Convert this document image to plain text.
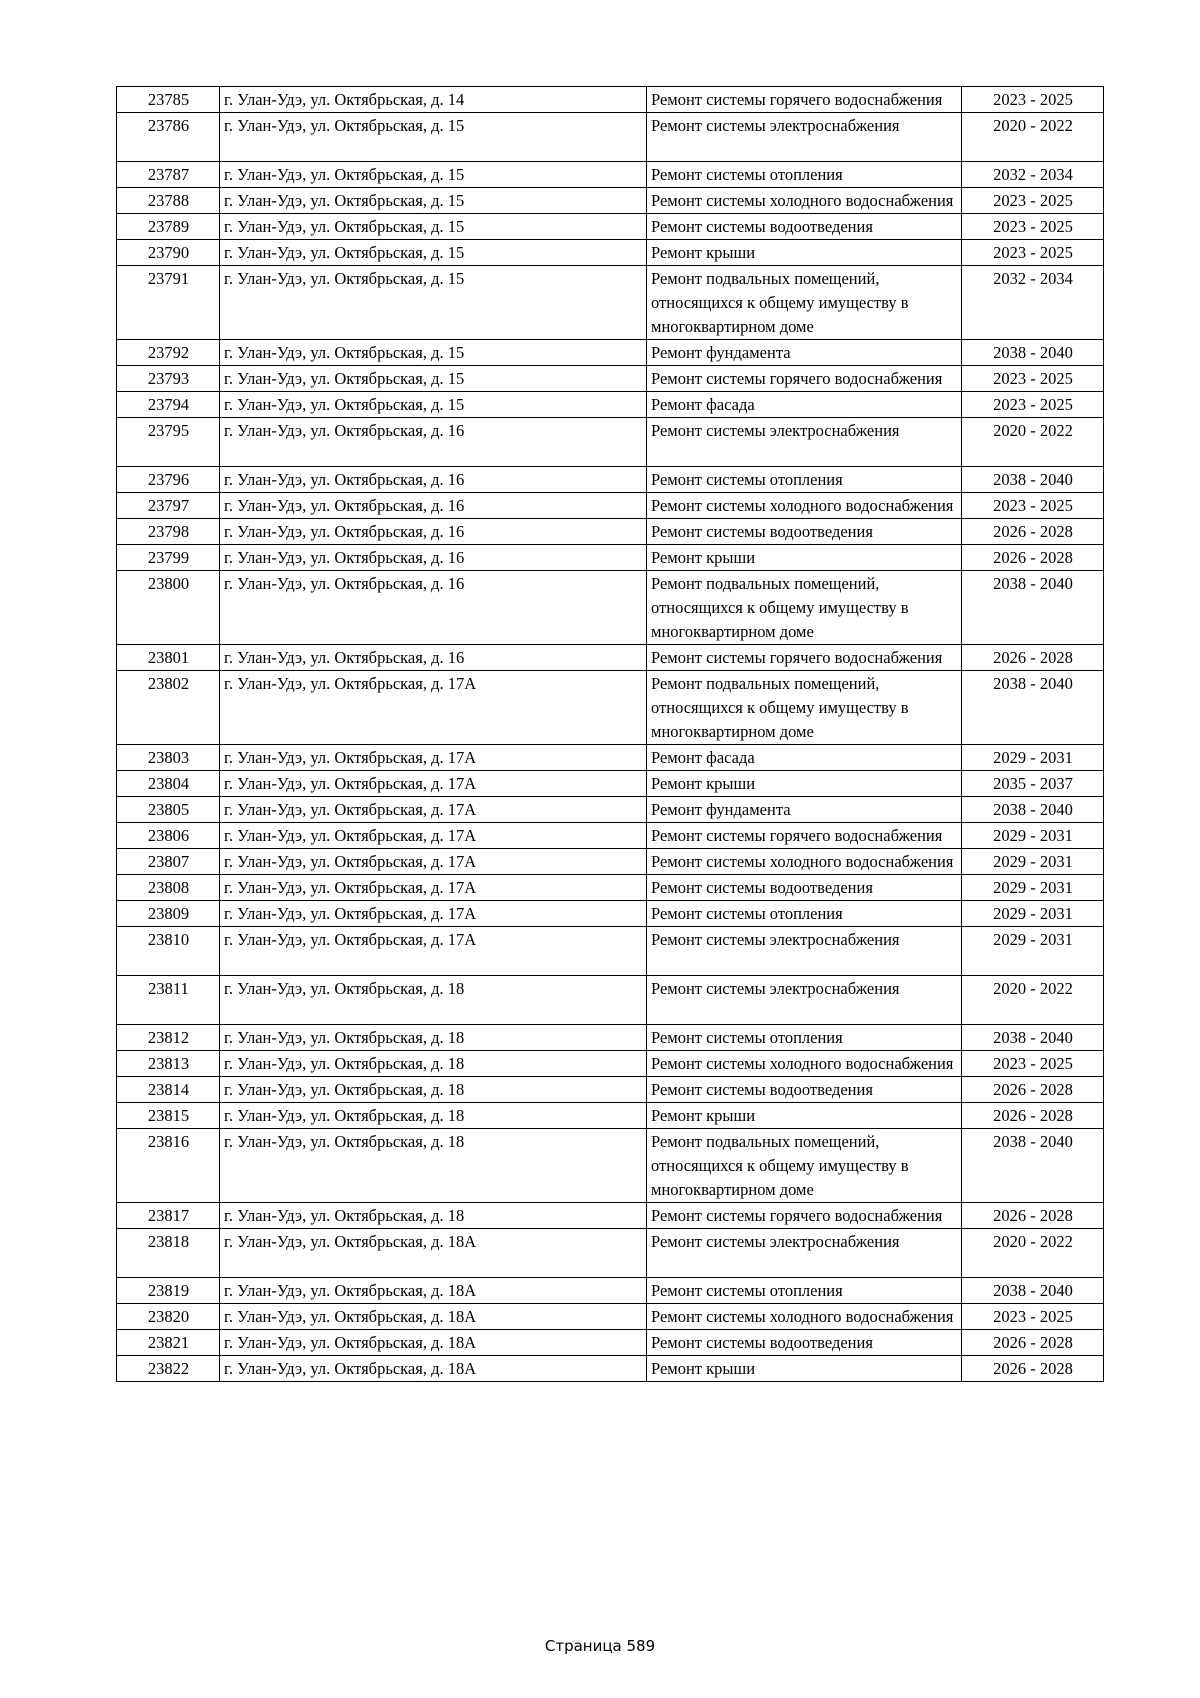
23785	г. Улан-Удэ, ул. Октябрьская, д. 14	Ремонт системы горячего водоснабжения	2023 - 2025
23786	г. Улан-Удэ, ул. Октябрьская, д. 15	Ремонт системы электроснабжения	2020 - 2022
23787	г. Улан-Удэ, ул. Октябрьская, д. 15	Ремонт системы отопления	2032 - 2034
23788	г. Улан-Удэ, ул. Октябрьская, д. 15	Ремонт системы холодного водоснабжения	2023 - 2025
23789	г. Улан-Удэ, ул. Октябрьская, д. 15	Ремонт системы водоотведения	2023 - 2025
23790	г. Улан-Удэ, ул. Октябрьская, д. 15	Ремонт крыши	2023 - 2025
23791	г. Улан-Удэ, ул. Октябрьская, д. 15	Ремонт подвальных помещений, относящихся к общему имуществу в многоквартирном доме	2032 - 2034
23792	г. Улан-Удэ, ул. Октябрьская, д. 15	Ремонт фундамента	2038 - 2040
23793	г. Улан-Удэ, ул. Октябрьская, д. 15	Ремонт системы горячего водоснабжения	2023 - 2025
23794	г. Улан-Удэ, ул. Октябрьская, д. 15	Ремонт фасада	2023 - 2025
23795	г. Улан-Удэ, ул. Октябрьская, д. 16	Ремонт системы электроснабжения	2020 - 2022
23796	г. Улан-Удэ, ул. Октябрьская, д. 16	Ремонт системы отопления	2038 - 2040
23797	г. Улан-Удэ, ул. Октябрьская, д. 16	Ремонт системы холодного водоснабжения	2023 - 2025
23798	г. Улан-Удэ, ул. Октябрьская, д. 16	Ремонт системы водоотведения	2026 - 2028
23799	г. Улан-Удэ, ул. Октябрьская, д. 16	Ремонт крыши	2026 - 2028
23800	г. Улан-Удэ, ул. Октябрьская, д. 16	Ремонт подвальных помещений, относящихся к общему имуществу в многоквартирном доме	2038 - 2040
23801	г. Улан-Удэ, ул. Октябрьская, д. 16	Ремонт системы горячего водоснабжения	2026 - 2028
23802	г. Улан-Удэ, ул. Октябрьская, д. 17А	Ремонт подвальных помещений, относящихся к общему имуществу в многоквартирном доме	2038 - 2040
23803	г. Улан-Удэ, ул. Октябрьская, д. 17А	Ремонт фасада	2029 - 2031
23804	г. Улан-Удэ, ул. Октябрьская, д. 17А	Ремонт крыши	2035 - 2037
23805	г. Улан-Удэ, ул. Октябрьская, д. 17А	Ремонт фундамента	2038 - 2040
23806	г. Улан-Удэ, ул. Октябрьская, д. 17А	Ремонт системы горячего водоснабжения	2029 - 2031
23807	г. Улан-Удэ, ул. Октябрьская, д. 17А	Ремонт системы холодного водоснабжения	2029 - 2031
23808	г. Улан-Удэ, ул. Октябрьская, д. 17А	Ремонт системы водоотведения	2029 - 2031
23809	г. Улан-Удэ, ул. Октябрьская, д. 17А	Ремонт системы отопления	2029 - 2031
23810	г. Улан-Удэ, ул. Октябрьская, д. 17А	Ремонт системы электроснабжения	2029 - 2031
23811	г. Улан-Удэ, ул. Октябрьская, д. 18	Ремонт системы электроснабжения	2020 - 2022
23812	г. Улан-Удэ, ул. Октябрьская, д. 18	Ремонт системы отопления	2038 - 2040
23813	г. Улан-Удэ, ул. Октябрьская, д. 18	Ремонт системы холодного водоснабжения	2023 - 2025
23814	г. Улан-Удэ, ул. Октябрьская, д. 18	Ремонт системы водоотведения	2026 - 2028
23815	г. Улан-Удэ, ул. Октябрьская, д. 18	Ремонт крыши	2026 - 2028
23816	г. Улан-Удэ, ул. Октябрьская, д. 18	Ремонт подвальных помещений, относящихся к общему имуществу в многоквартирном доме	2038 - 2040
23817	г. Улан-Удэ, ул. Октябрьская, д. 18	Ремонт системы горячего водоснабжения	2026 - 2028
23818	г. Улан-Удэ, ул. Октябрьская, д. 18А	Ремонт системы электроснабжения	2020 - 2022
23819	г. Улан-Удэ, ул. Октябрьская, д. 18А	Ремонт системы отопления	2038 - 2040
23820	г. Улан-Удэ, ул. Октябрьская, д. 18А	Ремонт системы холодного водоснабжения	2023 - 2025
23821	г. Улан-Удэ, ул. Октябрьская, д. 18А	Ремонт системы водоотведения	2026 - 2028
23822	г. Улан-Удэ, ул. Октябрьская, д. 18А	Ремонт крыши	2026 - 2028
Страница 589
